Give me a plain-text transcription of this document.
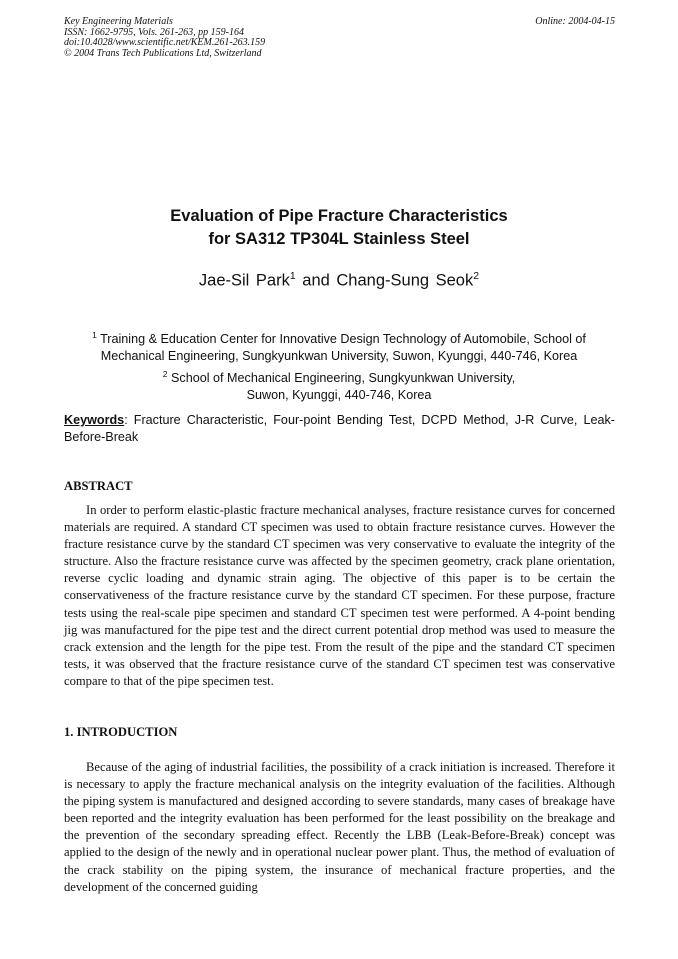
Key Engineering Materials
ISSN: 1662-9795, Vols. 261-263, pp 159-164
doi:10.4028/www.scientific.net/KEM.261-263.159
© 2004 Trans Tech Publications Ltd, Switzerland
Online: 2004-04-15
Evaluation of Pipe Fracture Characteristics
for SA312 TP304L Stainless Steel
Jae-Sil Park$^1$ and Chang-Sung Seok$^2$
$^1$ Training & Education Center for Innovative Design Technology of Automobile, School of
Mechanical Engineering, Sungkyunkwan University, Suwon, Kyunggi, 440-746, Korea
$^2$ School of Mechanical Engineering, Sungkyunkwan University,
Suwon, Kyunggi, 440-746, Korea
Keywords: Fracture Characteristic, Four-point Bending Test, DCPD Method, J-R Curve, Leak-Before-Break
ABSTRACT
In order to perform elastic-plastic fracture mechanical analyses, fracture resistance curves for concerned materials are required. A standard CT specimen was used to obtain fracture resistance curves. However the fracture resistance curve by the standard CT specimen was very conservative to evaluate the integrity of the structure. Also the fracture resistance curve was affected by the specimen geometry, crack plane orientation, reverse cyclic loading and dynamic strain aging. The objective of this paper is to be certain the conservativeness of the fracture resistance curve by the standard CT specimen. For these purpose, fracture tests using the real-scale pipe specimen and standard CT specimen test were performed. A 4-point bending jig was manufactured for the pipe test and the direct current potential drop method was used to measure the crack extension and the length for the pipe test. From the result of the pipe and the standard CT specimen tests, it was observed that the fracture resistance curve of the standard CT specimen test was conservative compare to that of the pipe specimen test.
1. INTRODUCTION
Because of the aging of industrial facilities, the possibility of a crack initiation is increased. Therefore it is necessary to apply the fracture mechanical analysis on the integrity evaluation of the facilities. Although the piping system is manufactured and designed according to severe standards, many cases of breakage have been reported and the integrity evaluation has been performed for the least possibility on the breakage and the prevention of the secondary spreading effect. Recently the LBB (Leak-Before-Break) concept was applied to the design of the newly and in operational nuclear power plant. Thus, the method of evaluation of the crack stability on the piping system, the insurance of mechanical fracture properties, and the development of the concerned guiding
